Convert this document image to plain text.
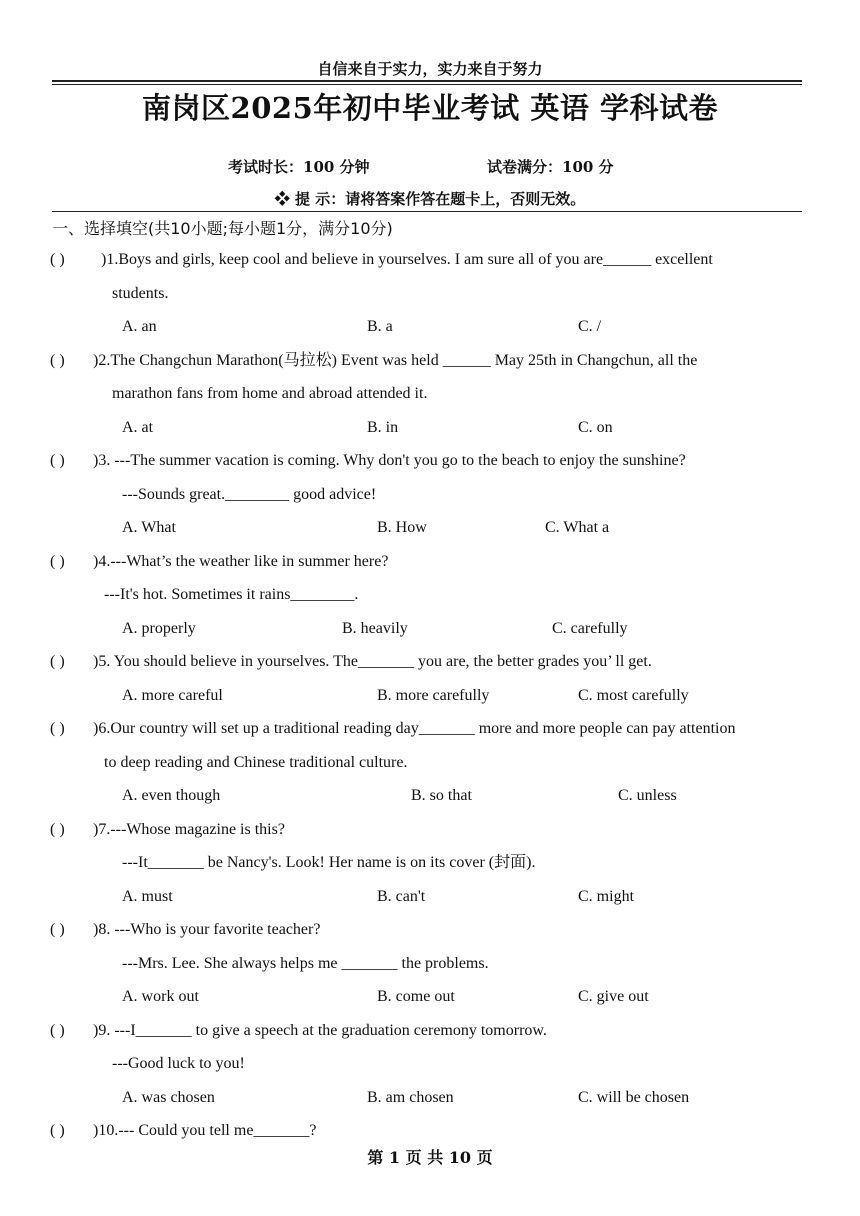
自信来自于实力，实力来自于努力
南岗区2025年初中毕业考试 英语 学科试卷
考试时长：100 分钟	试卷满分：100 分
❖ 提 示：请将答案作答在题卡上，否则无效。
一、选择填空(共10小题;每小题1分，满分10分)
( ) )1.Boys and girls, keep cool and believe in yourselves. I am sure all of you are______ excellent
students.
A. an	B. a	C. /
( ) )2.The Changchun Marathon(马拉松) Event was held ______ May 25th in Changchun, all the
marathon fans from home and abroad attended it.
A. at	B. in	C. on
( ) )3. ---The summer vacation is coming. Why don't you go to the beach to enjoy the sunshine?
---Sounds great.________ good advice!
A. What	B. How	C. What a
( ) )4.---What’s the weather like in summer here?
---It's hot. Sometimes it rains________.
A. properly	B. heavily	C. carefully
( ) )5. You should believe in yourselves. The_______ you are, the better grades you’ ll get.
A. more careful	B. more carefully	C. most carefully
( ) )6.Our country will set up a traditional reading day_______ more and more people can pay attention
to deep reading and Chinese traditional culture.
A. even though	B. so that	C. unless
( ) )7.---Whose magazine is this?
---It_______ be Nancy's. Look! Her name is on its cover (封面).
A. must	B. can't	C. might
( ) )8. ---Who is your favorite teacher?
---Mrs. Lee. She always helps me _______ the problems.
A. work out	B. come out	C. give out
( ) )9. ---I_______ to give a speech at the graduation ceremony tomorrow.
---Good luck to you!
A. was chosen	B. am chosen	C. will be chosen
( ) )10.--- Could you tell me_______?
第 1 页 共 10 页
